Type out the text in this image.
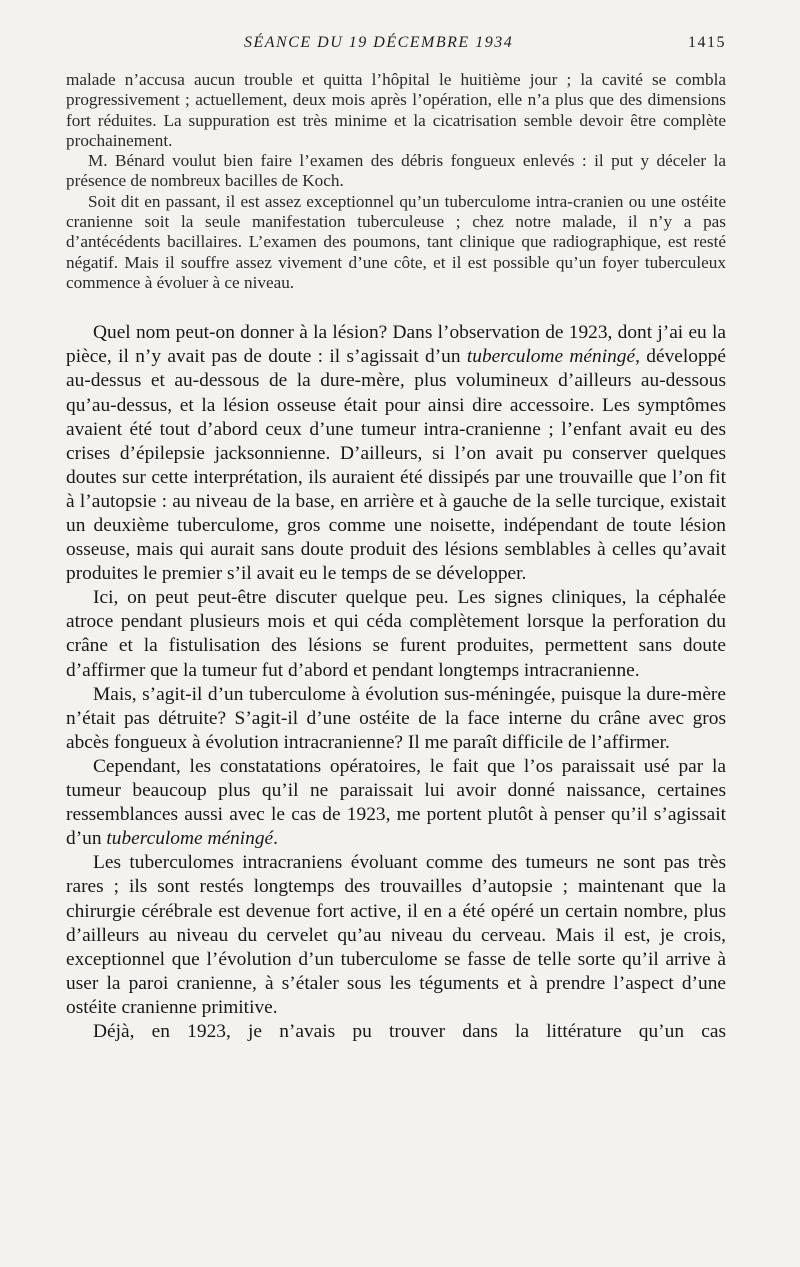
SÉANCE DU 19 DÉCEMBRE 1934	1415

malade n’accusa aucun trouble et quitta l’hôpital le huitième jour ; la cavité se combla progressivement ; actuellement, deux mois après l’opération, elle n’a plus que des dimensions fort réduites. La suppuration est très minime et la cicatrisation semble devoir être complète prochainement.

M. Bénard voulut bien faire l’examen des débris fongueux enlevés : il put y déceler la présence de nombreux bacilles de Koch.

Soit dit en passant, il est assez exceptionnel qu’un tuberculome intra-cranien ou une ostéite cranienne soit la seule manifestation tuberculeuse ; chez notre malade, il n’y a pas d’antécédents bacillaires. L’examen des poumons, tant clinique que radiographique, est resté négatif. Mais il souffre assez vivement d’une côte, et il est possible qu’un foyer tuberculeux commence à évoluer à ce niveau.

Quel nom peut-on donner à la lésion? Dans l’observation de 1923, dont j’ai eu la pièce, il n’y avait pas de doute : il s’agissait d’un tuberculome méningé, développé au-dessus et au-dessous de la dure-mère, plus volumineux d’ailleurs au-dessous qu’au-dessus, et la lésion osseuse était pour ainsi dire accessoire. Les symptômes avaient été tout d’abord ceux d’une tumeur intra-cranienne ; l’enfant avait eu des crises d’épilepsie jacksonnienne. D’ailleurs, si l’on avait pu conserver quelques doutes sur cette interprétation, ils auraient été dissipés par une trouvaille que l’on fit à l’autopsie : au niveau de la base, en arrière et à gauche de la selle turcique, existait un deuxième tuberculome, gros comme une noisette, indépendant de toute lésion osseuse, mais qui aurait sans doute produit des lésions semblables à celles qu’avait produites le premier s’il avait eu le temps de se développer.

Ici, on peut peut-être discuter quelque peu. Les signes cliniques, la céphalée atroce pendant plusieurs mois et qui céda complètement lorsque la perforation du crâne et la fistulisation des lésions se furent produites, permettent sans doute d’affirmer que la tumeur fut d’abord et pendant longtemps intracranienne.

Mais, s’agit-il d’un tuberculome à évolution sus-méningée, puisque la dure-mère n’était pas détruite? S’agit-il d’une ostéite de la face interne du crâne avec gros abcès fongueux à évolution intracranienne? Il me paraît difficile de l’affirmer.

Cependant, les constatations opératoires, le fait que l’os paraissait usé par la tumeur beaucoup plus qu’il ne paraissait lui avoir donné naissance, certaines ressemblances aussi avec le cas de 1923, me portent plutôt à penser qu’il s’agissait d’un tuberculome méningé.

Les tuberculomes intracraniens évoluant comme des tumeurs ne sont pas très rares ; ils sont restés longtemps des trouvailles d’autopsie ; maintenant que la chirurgie cérébrale est devenue fort active, il en a été opéré un certain nombre, plus d’ailleurs au niveau du cervelet qu’au niveau du cerveau. Mais il est, je crois, exceptionnel que l’évolution d’un tuberculome se fasse de telle sorte qu’il arrive à user la paroi cranienne, à s’étaler sous les téguments et à prendre l’aspect d’une ostéite cranienne primitive.

Déjà, en 1923, je n’avais pu trouver dans la littérature qu’un cas
